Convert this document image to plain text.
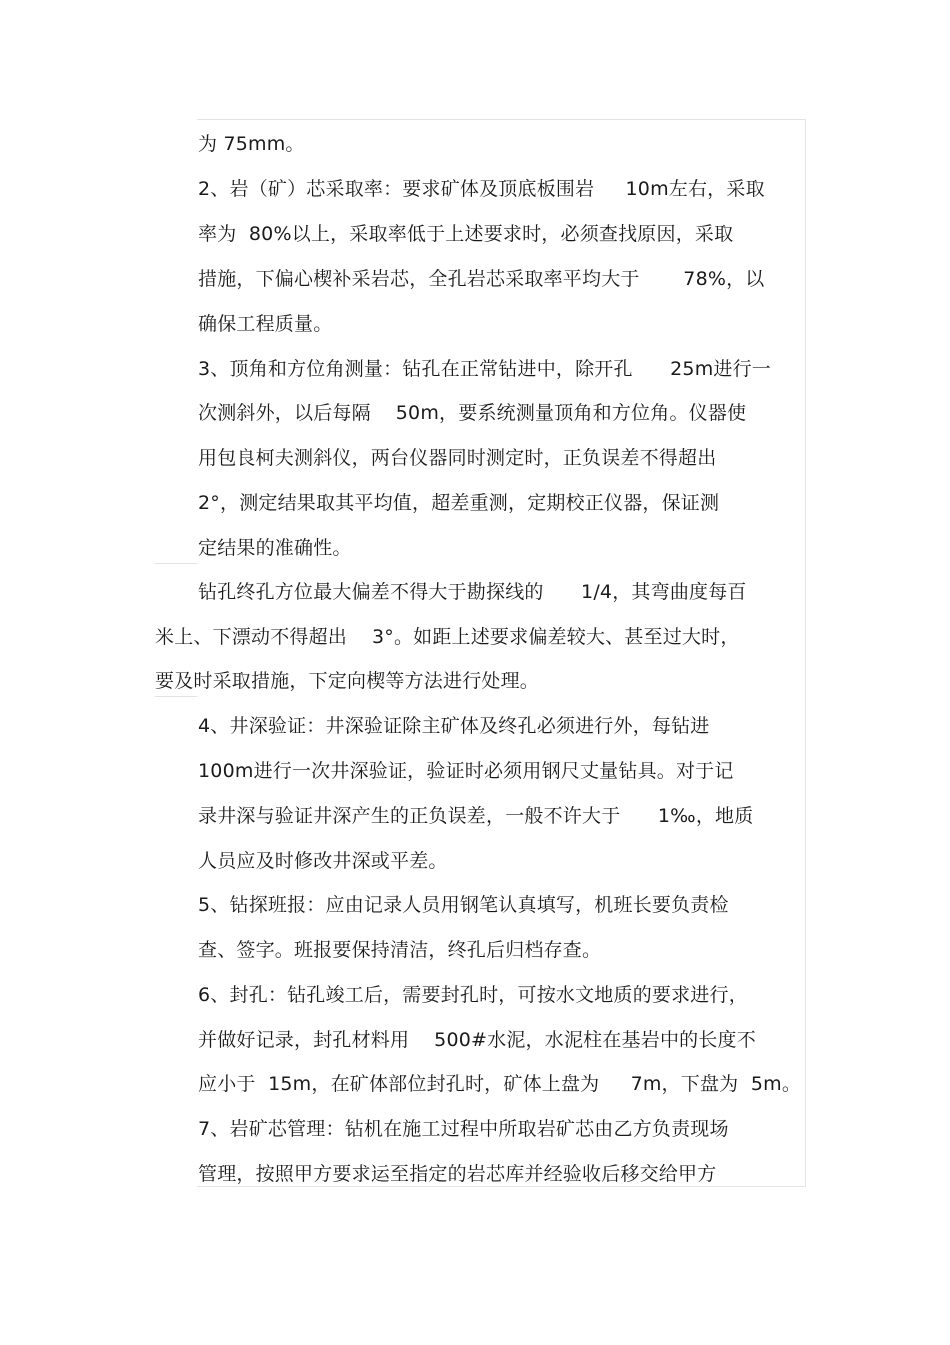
为 75mm。
2、岩（矿）芯采取率：要求矿体及顶底板围岩     10m左右，采取
率为  80%以上，采取率低于上述要求时，必须查找原因，采取
措施，下偏心楔补采岩芯，全孔岩芯采取率平均大于       78%，以
确保工程质量。
3、顶角和方位角测量：钻孔在正常钻进中，除开孔      25m进行一
次测斜外，以后每隔    50m，要系统测量顶角和方位角。仪器使
用包良柯夫测斜仪，两台仪器同时测定时，正负误差不得超出
2°，测定结果取其平均值，超差重测，定期校正仪器，保证测
定结果的准确性。
钻孔终孔方位最大偏差不得大于勘探线的      1/4，其弯曲度每百
米上、下漂动不得超出    3°。如距上述要求偏差较大、甚至过大时，
要及时采取措施，下定向楔等方法进行处理。
4、井深验证：井深验证除主矿体及终孔必须进行外，每钻进
100m进行一次井深验证，验证时必须用钢尺丈量钻具。对于记
录井深与验证井深产生的正负误差，一般不许大于      1‰，地质
人员应及时修改井深或平差。
5、钻探班报：应由记录人员用钢笔认真填写，机班长要负责检
查、签字。班报要保持清洁，终孔后归档存查。
6、封孔：钻孔竣工后，需要封孔时，可按水文地质的要求进行，
并做好记录，封孔材料用    500#水泥，水泥柱在基岩中的长度不
应小于  15m，在矿体部位封孔时，矿体上盘为     7m，下盘为  5m。
7、岩矿芯管理：钻机在施工过程中所取岩矿芯由乙方负责现场
管理，按照甲方要求运至指定的岩芯库并经验收后移交给甲方
